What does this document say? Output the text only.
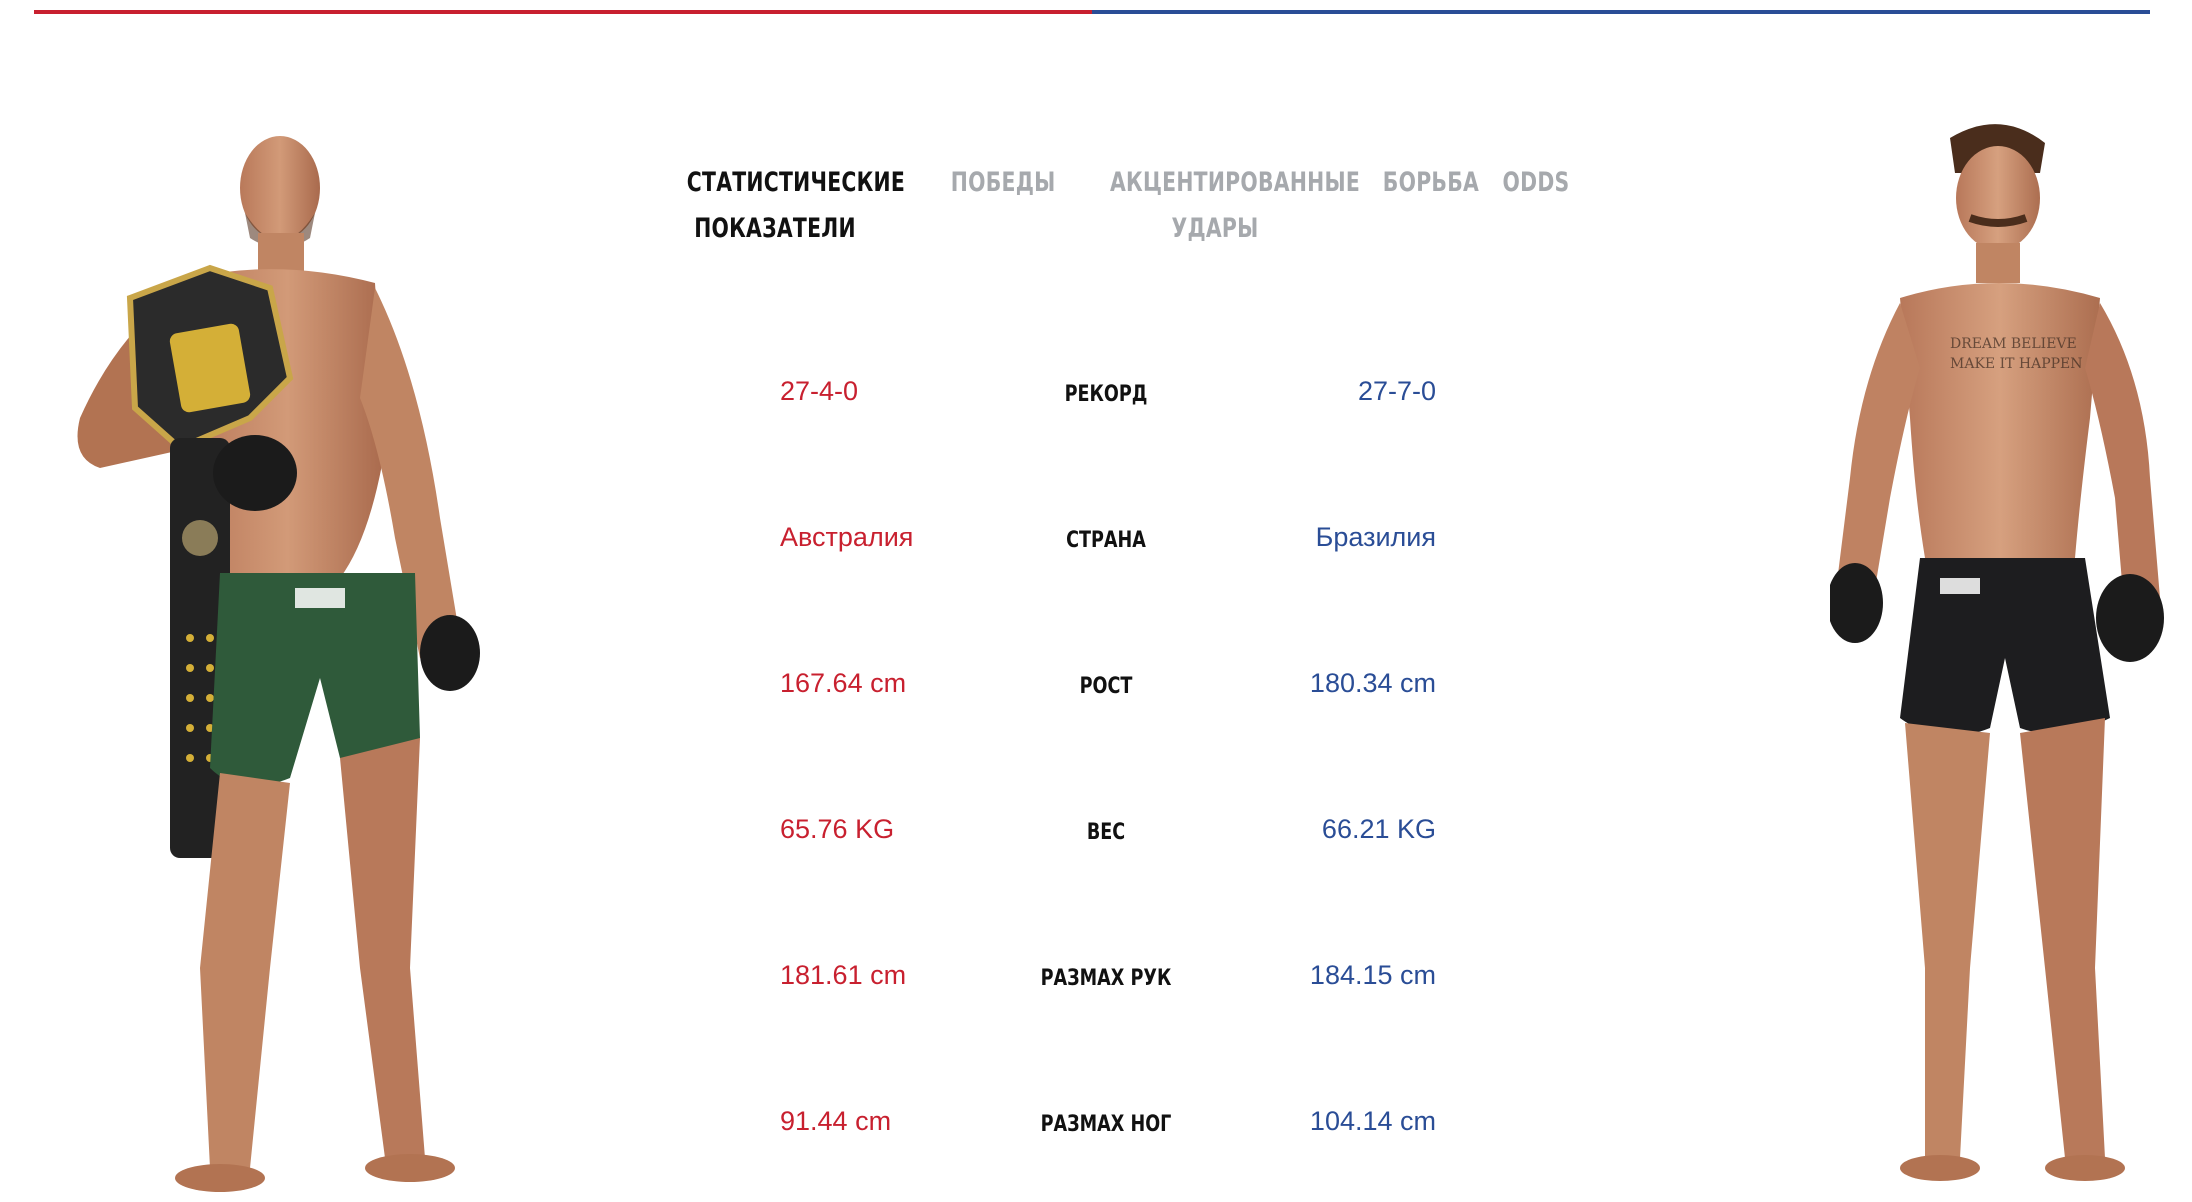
DREAM BELIEVE
MAKE IT HAPPEN
СТАТИСТИЧЕСКИЕ ПОКАЗАТЕЛИ
ПОБЕДЫ АКЦЕНТИРОВАННЫЕ УДАРЫ
БОРЬБА ODDS
27-4-0	РЕКОРД	27-7-0
Австралия	СТРАНА	Бразилия
167.64 cm	РОСТ	180.34 cm
65.76 KG	ВЕС	66.21 KG
181.61 cm	РАЗМАХ РУК	184.15 cm
91.44 cm	РАЗМАХ НОГ	104.14 cm
